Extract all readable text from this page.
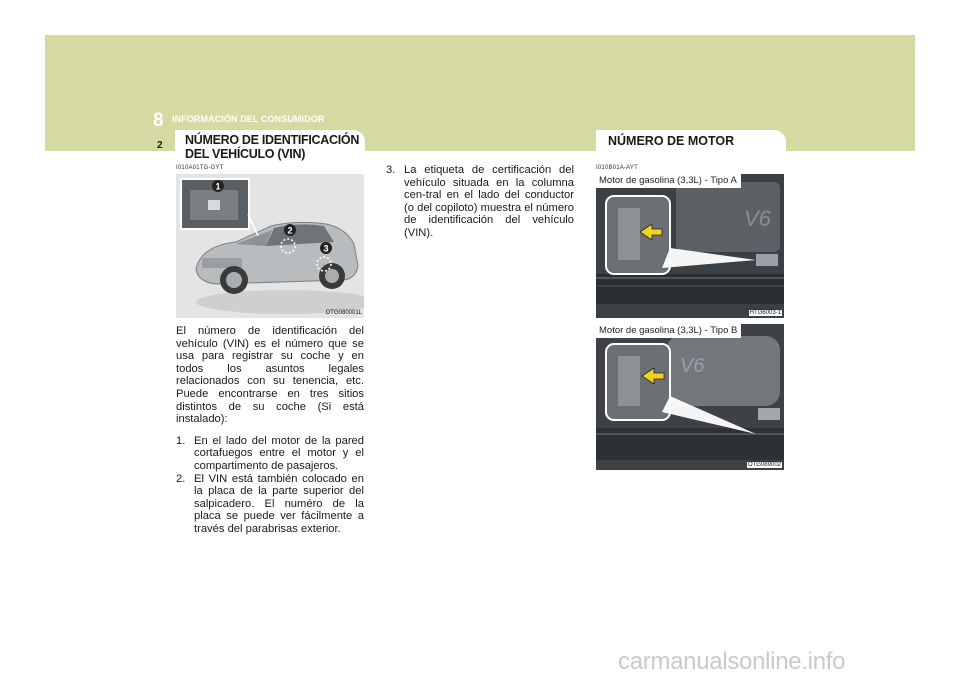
8 INFORMACIÓN DEL CONSUMIDOR
2 NÚMERO DE IDENTIFICACIÓN
DEL VEHÍCULO (VIN)
I010A01TG-GYT
1
2
3
OTG080001L

El número de identificación del vehículo (VIN) es el número que se usa para registrar su coche y en todos los asuntos legales relacionados con su tenencia, etc. Puede encontrarse en tres sitios distintos de su coche (Si está instalado):

1. En el lado del motor de la pared cortafuegos entre el motor y el compartimento de pasajeros.
2. El VIN está también colocado en la placa de la parte superior del salpicadero. El numéro de la placa se puede ver fácilmente a través del parabrisas exterior.
3. La etiqueta de certificación del vehículo situada en la columna cen-tral en el lado del conductor (o del copiloto) muestra el número de identificación del vehículo (VIN).
NÚMERO DE MOTOR
I010B01A-AYT
V6
Motor de gasolina (3,3L) - Tipo A
HTG6003-1
V6
Motor de gasolina (3,3L) - Tipo B
OTG089002
carmanualsonline.info
